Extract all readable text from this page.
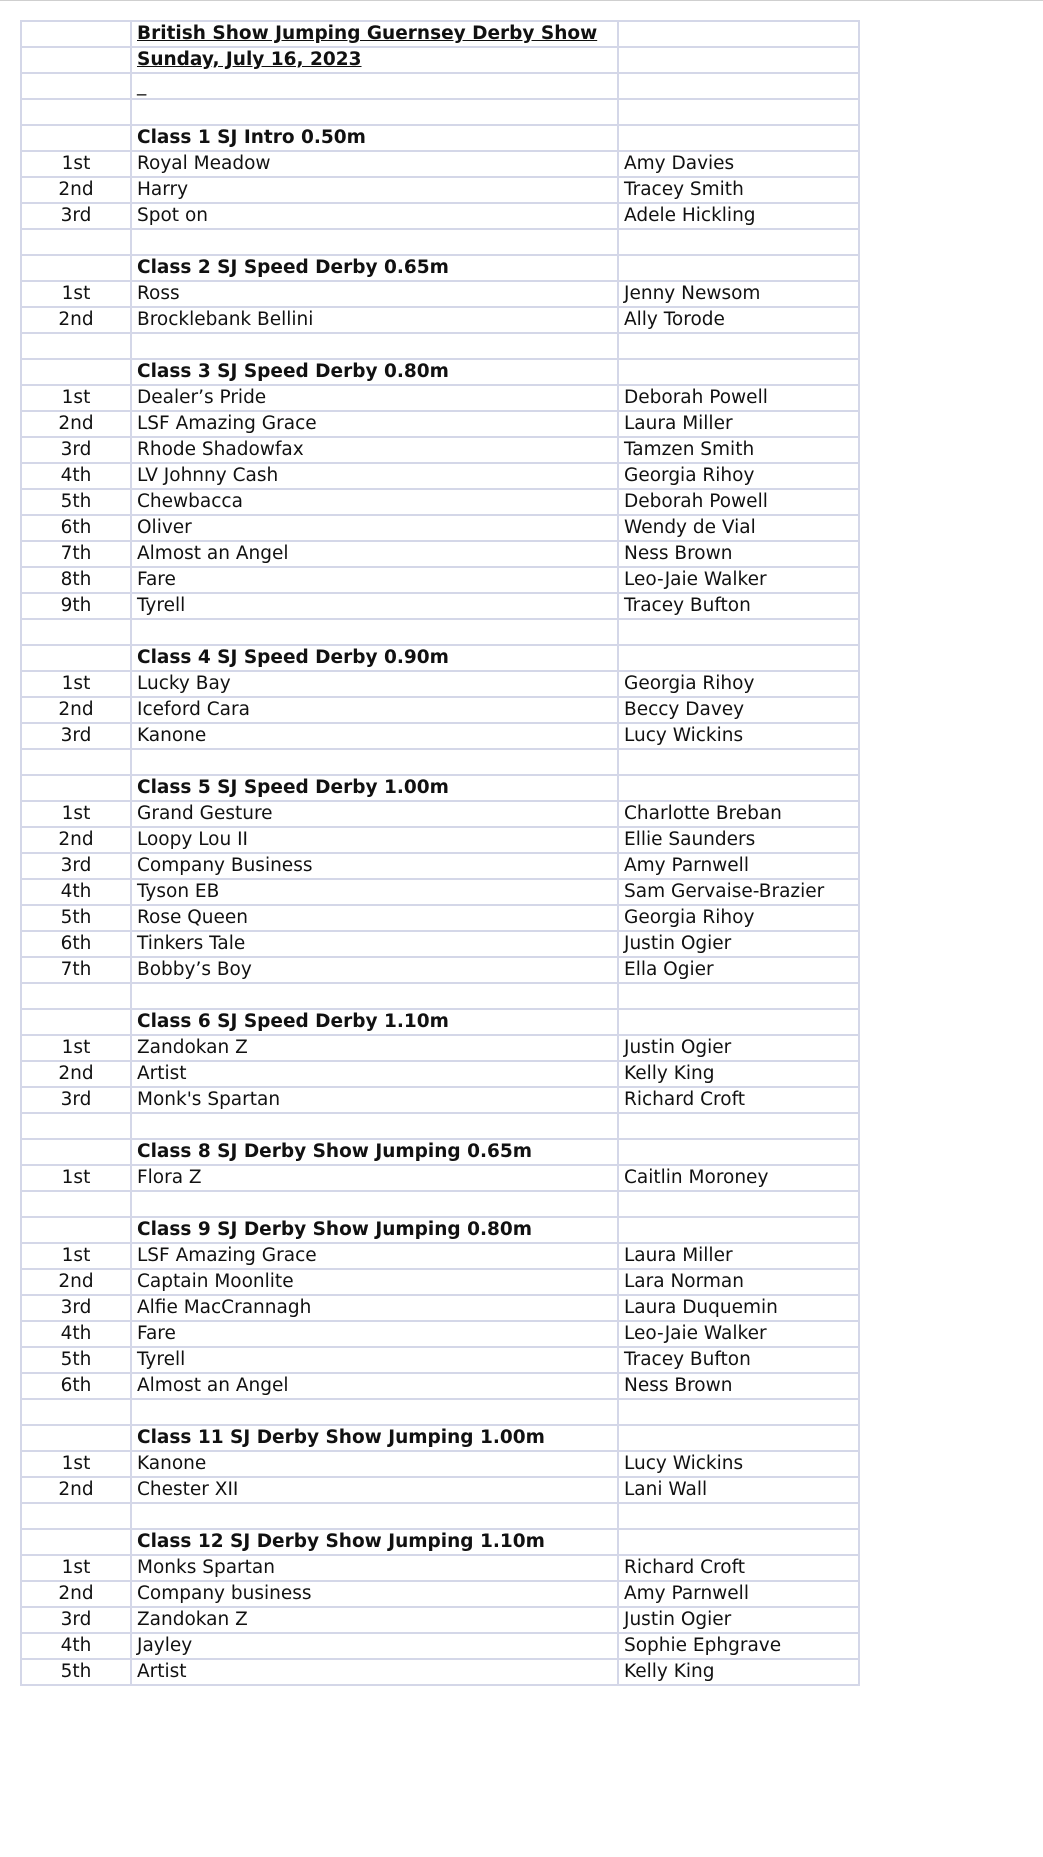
	British Show Jumping Guernsey Derby Show	
	Sunday, July 16, 2023	
	_	

	Class 1 SJ Intro 0.50m	
1st	Royal Meadow	Amy Davies
2nd	Harry	Tracey Smith
3rd	Spot on	Adele Hickling

	Class 2 SJ Speed Derby 0.65m	
1st	Ross	Jenny Newsom
2nd	Brocklebank Bellini	Ally Torode

	Class 3 SJ Speed Derby 0.80m	
1st	Dealer’s Pride	Deborah Powell
2nd	LSF Amazing Grace	Laura Miller
3rd	Rhode Shadowfax	Tamzen Smith
4th	LV Johnny Cash	Georgia Rihoy
5th	Chewbacca	Deborah Powell
6th	Oliver	Wendy de Vial
7th	Almost an Angel	Ness Brown
8th	Fare	Leo-Jaie Walker
9th	Tyrell	Tracey Bufton

	Class 4 SJ Speed Derby 0.90m	
1st	Lucky Bay	Georgia Rihoy
2nd	Iceford Cara	Beccy Davey
3rd	Kanone	Lucy Wickins

	Class 5 SJ Speed Derby 1.00m	
1st	Grand Gesture	Charlotte Breban
2nd	Loopy Lou II	Ellie Saunders
3rd	Company Business	Amy Parnwell
4th	Tyson EB	Sam Gervaise-Brazier
5th	Rose Queen	Georgia Rihoy
6th	Tinkers Tale	Justin Ogier
7th	Bobby’s Boy	Ella Ogier

	Class 6 SJ Speed Derby 1.10m	
1st	Zandokan Z	Justin Ogier
2nd	Artist	Kelly King
3rd	Monk's Spartan	Richard Croft

	Class 8 SJ Derby Show Jumping 0.65m	
1st	Flora Z	Caitlin Moroney

	Class 9 SJ Derby Show Jumping 0.80m	
1st	LSF Amazing Grace	Laura Miller
2nd	Captain Moonlite	Lara Norman
3rd	Alfie MacCrannagh	Laura Duquemin
4th	Fare	Leo-Jaie Walker
5th	Tyrell	Tracey Bufton
6th	Almost an Angel	Ness Brown

	Class 11 SJ Derby Show Jumping 1.00m	
1st	Kanone	Lucy Wickins
2nd	Chester XII	Lani Wall

	Class 12 SJ Derby Show Jumping 1.10m	
1st	Monks Spartan	Richard Croft
2nd	Company business	Amy Parnwell
3rd	Zandokan Z	Justin Ogier
4th	Jayley	Sophie Ephgrave
5th	Artist	Kelly King
